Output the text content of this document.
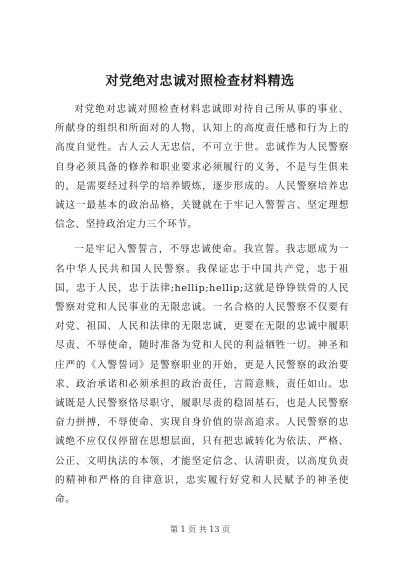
对党绝对忠诚对照检查材料精选

对党绝对忠诚对照检查材料忠诚即对待自己所从事的事业、所献身的组织和所面对的人物，认知上的高度责任感和行为上的高度自觉性。古人云人无忠信，不可立于世。忠诚作为人民警察自身必须具备的修养和职业要求必须履行的义务，不是与生俱来的，是需要经过科学的培养锻炼，逐步形成的。人民警察培养忠诚这一最基本的政治品格，关键就在于牢记入警誓言、坚定理想信念、坚持政治定力三个环节。

一是牢记入警誓言，不辱忠诚使命。我宣誓。我志愿成为一名中华人民共和国人民警察。我保证忠于中国共产党，忠于祖国，忠于人民，忠于法律;hellip;hellip;这就是铮铮铁骨的人民警察对党和人民事业的无限忠诚。一名合格的人民警察不仅要有对党、祖国、人民和法律的无限忠诚，更要在无限的忠诚中履职尽责、不辱使命，随时准备为党和人民的利益牺牲一切。神圣和庄严的《入警誓词》是警察职业的开始，更是人民警察的政治要求、政治承诺和必须承担的政治责任，言简意赅，责任如山。忠诚既是人民警察恪尽职守，履职尽责的稳固基石，也是人民警察奋力拼搏，不辱使命、实现自身价值的崇高追求。人民警察的忠诚绝不应仅仅停留在思想层面，只有把忠诚转化为依法、严格、公正、文明执法的本领，才能坚定信念、认清职责，以高度负责的精神和严格的自律意识，忠实履行好党和人民赋予的神圣使命。

第 1 页 共 13 页
